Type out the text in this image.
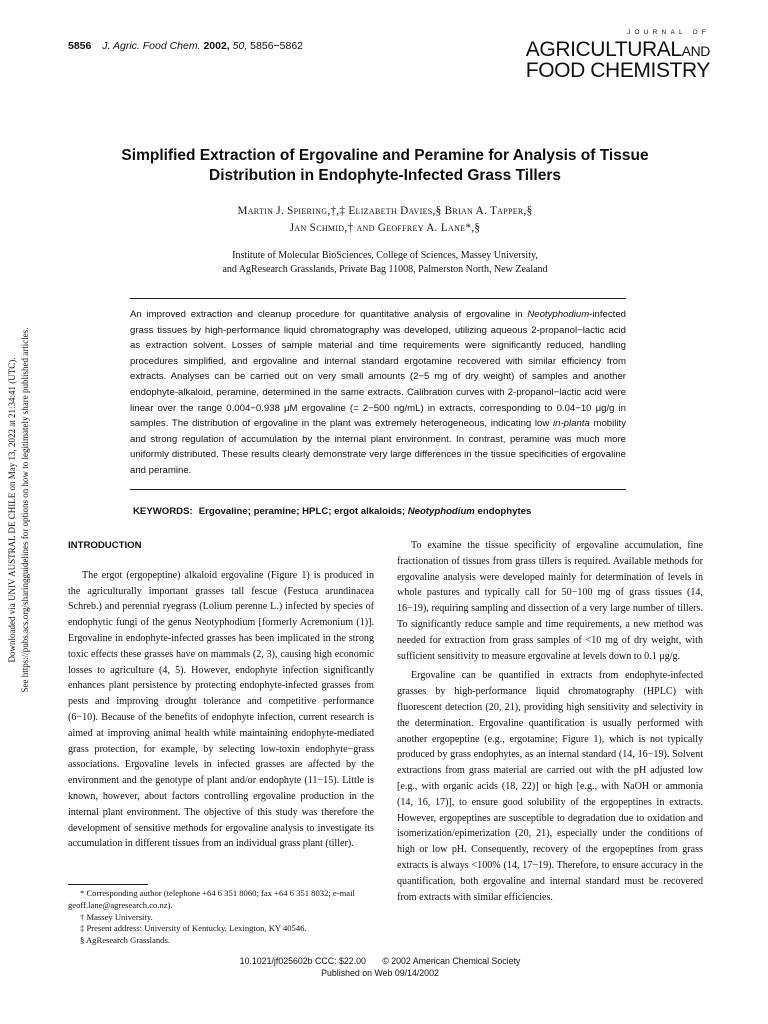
5856 J. Agric. Food Chem. 2002, 50, 5856−5862
JOURNAL OF
AGRICULTURALAND
FOOD CHEMISTRY
Simplified Extraction of Ergovaline and Peramine for Analysis of Tissue Distribution in Endophyte-Infected Grass Tillers
Martin J. Spiering,†,‡ Elizabeth Davies,§ Brian A. Tapper,§
Jan Schmid,† and Geoffrey A. Lane*,§
Institute of Molecular BioSciences, College of Sciences, Massey University,
and AgResearch Grasslands, Private Bag 11008, Palmerston North, New Zealand
An improved extraction and cleanup procedure for quantitative analysis of ergovaline in Neotyphodium-infected grass tissues by high-performance liquid chromatography was developed, utilizing aqueous 2-propanol−lactic acid as extraction solvent. Losses of sample material and time requirements were significantly reduced, handling procedures simplified, and ergovaline and internal standard ergotamine recovered with similar efficiency from extracts. Analyses can be carried out on very small amounts (2−5 mg of dry weight) of samples and another endophyte-alkaloid, peramine, determined in the same extracts. Calibration curves with 2-propanol−lactic acid were linear over the range 0.004−0.938 μM ergovaline (= 2−500 ng/mL) in extracts, corresponding to 0.04−10 μg/g in samples. The distribution of ergovaline in the plant was extremely heterogeneous, indicating low in-planta mobility and strong regulation of accumulation by the internal plant environment. In contrast, peramine was much more uniformly distributed. These results clearly demonstrate very large differences in the tissue specificities of ergovaline and peramine.
KEYWORDS: Ergovaline; peramine; HPLC; ergot alkaloids; Neotyphodium endophytes
INTRODUCTION

The ergot (ergopeptine) alkaloid ergovaline (Figure 1) is produced in the agriculturally important grasses tall fescue (Festuca arundinacea Schreb.) and perennial ryegrass (Lolium perenne L.) infected by species of endophytic fungi of the genus Neotyphodium [formerly Acremonium (1)]. Ergovaline in endophyte-infected grasses has been implicated in the strong toxic effects these grasses have on mammals (2, 3), causing high economic losses to agriculture (4, 5). However, endophyte infection significantly enhances plant persistence by protecting endophyte-infected grasses from pests and improving drought tolerance and competitive performance (6−10). Because of the benefits of endophyte infection, current research is aimed at improving animal health while maintaining endophyte-mediated grass protection, for example, by selecting low-toxin endophyte−grass associations. Ergovaline levels in infected grasses are affected by the environment and the genotype of plant and/or endophyte (11−15). Little is known, however, about factors controlling ergovaline production in the internal plant environment. The objective of this study was therefore the development of sensitive methods for ergovaline analysis to investigate its accumulation in different tissues from an individual grass plant (tiller).

To examine the tissue specificity of ergovaline accumulation, fine fractionation of tissues from grass tillers is required. Available methods for ergovaline analysis were developed mainly for determination of levels in whole pastures and typically call for 50−100 mg of grass tissues (14, 16−19), requiring sampling and dissection of a very large number of tillers. To significantly reduce sample and time requirements, a new method was needed for extraction from grass samples of <10 mg of dry weight, with sufficient sensitivity to measure ergovaline at levels down to 0.1 μg/g.

Ergovaline can be quantified in extracts from endophyte-infected grasses by high-performance liquid chromatography (HPLC) with fluorescent detection (20, 21), providing high sensitivity and selectivity in the determination. Ergovaline quantification is usually performed with another ergopeptine (e.g., ergotamine; Figure 1), which is not typically produced by grass endophytes, as an internal standard (14, 16−19). Solvent extractions from grass material are carried out with the pH adjusted low [e.g., with organic acids (18, 22)] or high [e.g., with NaOH or ammonia (14, 16, 17)], to ensure good solubility of the ergopeptines in extracts. However, ergopeptines are susceptible to degradation due to oxidation and isomerization/epimerization (20, 21), especially under the conditions of high or low pH. Consequently, recovery of the ergopeptines from grass extracts is always <100% (14, 17−19). Therefore, to ensure accuracy in the quantification, both ergovaline and internal standard must be recovered from extracts with similar efficiencies.

* Corresponding author (telephone +64 6 351 8060; fax +64 6 351 8032; e-mail geoff.lane@agresearch.co.nz).
† Massey University.
‡ Present address: University of Kentucky, Lexington, KY 40546.
§ AgResearch Grasslands.
10.1021/jf025602b CCC: $22.00 © 2002 American Chemical Society
Published on Web 09/14/2002
Downloaded via UNIV AUSTRAL DE CHILE on May 13, 2022 at 21:34:41 (UTC). See https://pubs.acs.org/sharingguidelines for options on how to legitimately share published articles.
